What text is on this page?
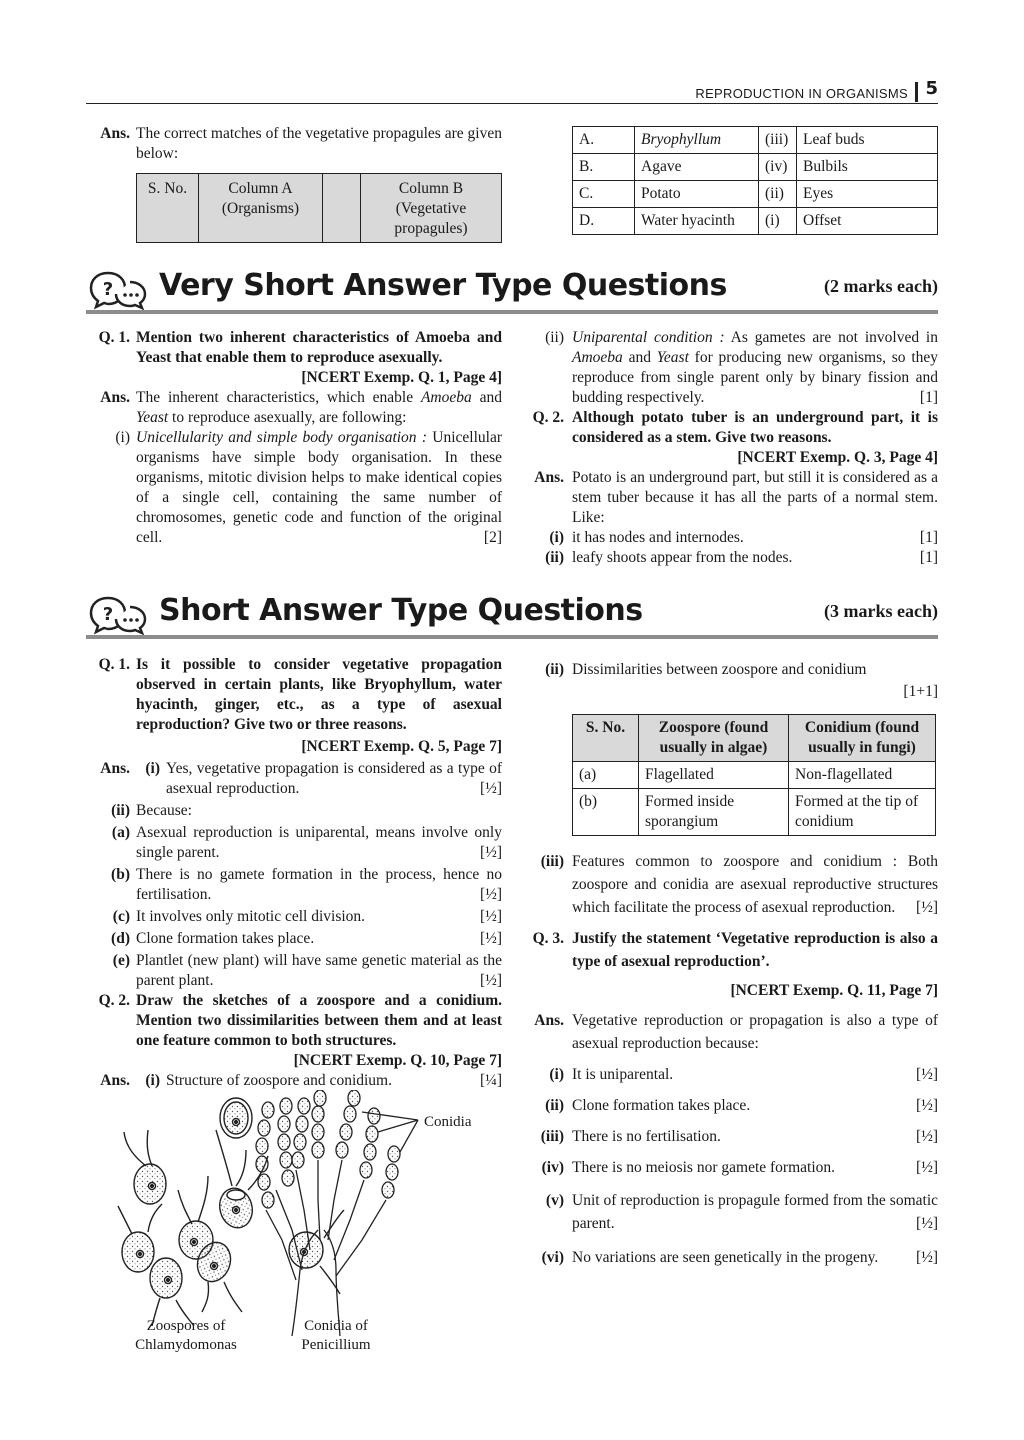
REPRODUCTION IN ORGANISMS 5
Ans. The correct matches of the vegetative propagules are given below:
S. No.	Column A (Organisms)		Column B (Vegetative propagules)
A.	Bryophyllum	(iii)	Leaf buds
B.	Agave	(iv)	Bulbils
C.	Potato	(ii)	Eyes
D.	Water hyacinth	(i)	Offset
? Very Short Answer Type Questions	(2 marks each)
Q. 1. Mention two inherent characteristics of Amoeba and Yeast that enable them to reproduce asexually.
[NCERT Exemp. Q. 1, Page 4]
Ans. The inherent characteristics, which enable Amoeba and Yeast to reproduce asexually, are following:
(i) Unicellularity and simple body organisation : Unicellular organisms have simple body organisation. In these organisms, mitotic division helps to make identical copies of a single cell, containing the same number of chromosomes, genetic code and function of the original cell.	[2]
(ii) Uniparental condition : As gametes are not involved in Amoeba and Yeast for producing new organisms, so they reproduce from single parent only by binary fission and budding respectively.	[1]
Q. 2. Although potato tuber is an underground part, it is considered as a stem. Give two reasons.
[NCERT Exemp. Q. 3, Page 4]
Ans. Potato is an underground part, but still it is considered as a stem tuber because it has all the parts of a normal stem. Like:
(i) it has nodes and internodes.	[1]
(ii) leafy shoots appear from the nodes.	[1]
? Short Answer Type Questions	(3 marks each)
Q. 1. Is it possible to consider vegetative propagation observed in certain plants, like Bryophyllum, water hyacinth, ginger, etc., as a type of asexual reproduction? Give two or three reasons.
[NCERT Exemp. Q. 5, Page 7]
Ans. (i) Yes, vegetative propagation is considered as a type of asexual reproduction.	[½]
(ii) Because:
(a) Asexual reproduction is uniparental, means involve only single parent.	[½]
(b) There is no gamete formation in the process, hence no fertilisation.	[½]
(c) It involves only mitotic cell division.	[½]
(d) Clone formation takes place.	[½]
(e) Plantlet (new plant) will have same genetic material as the parent plant.	[½]
Q. 2. Draw the sketches of a zoospore and a conidium. Mention two dissimilarities between them and at least one feature common to both structures.
[NCERT Exemp. Q. 10, Page 7]
Ans. (i) Structure of zoospore and conidium.	[¼]
Conidia
Zoospores of
Chlamydomonas
Conidia of
Penicillium
(ii) Dissimilarities between zoospore and conidium
[1+1]
S. No.	Zoospore (found usually in algae)	Conidium (found usually in fungi)
(a)	Flagellated	Non-flagellated
(b)	Formed inside sporangium	Formed at the tip of conidium
(iii) Features common to zoospore and conidium : Both zoospore and conidia are asexual reproductive structures which facilitate the process of asexual reproduction. [½]
Q. 3. Justify the statement ‘Vegetative reproduction is also a type of asexual reproduction’.
[NCERT Exemp. Q. 11, Page 7]
Ans. Vegetative reproduction or propagation is also a type of asexual reproduction because:
(i) It is uniparental.	[½]
(ii) Clone formation takes place.	[½]
(iii) There is no fertilisation.	[½]
(iv) There is no meiosis nor gamete formation.	[½]
(v) Unit of reproduction is propagule formed from the somatic parent.	[½]
(vi) No variations are seen genetically in the progeny. [½]
